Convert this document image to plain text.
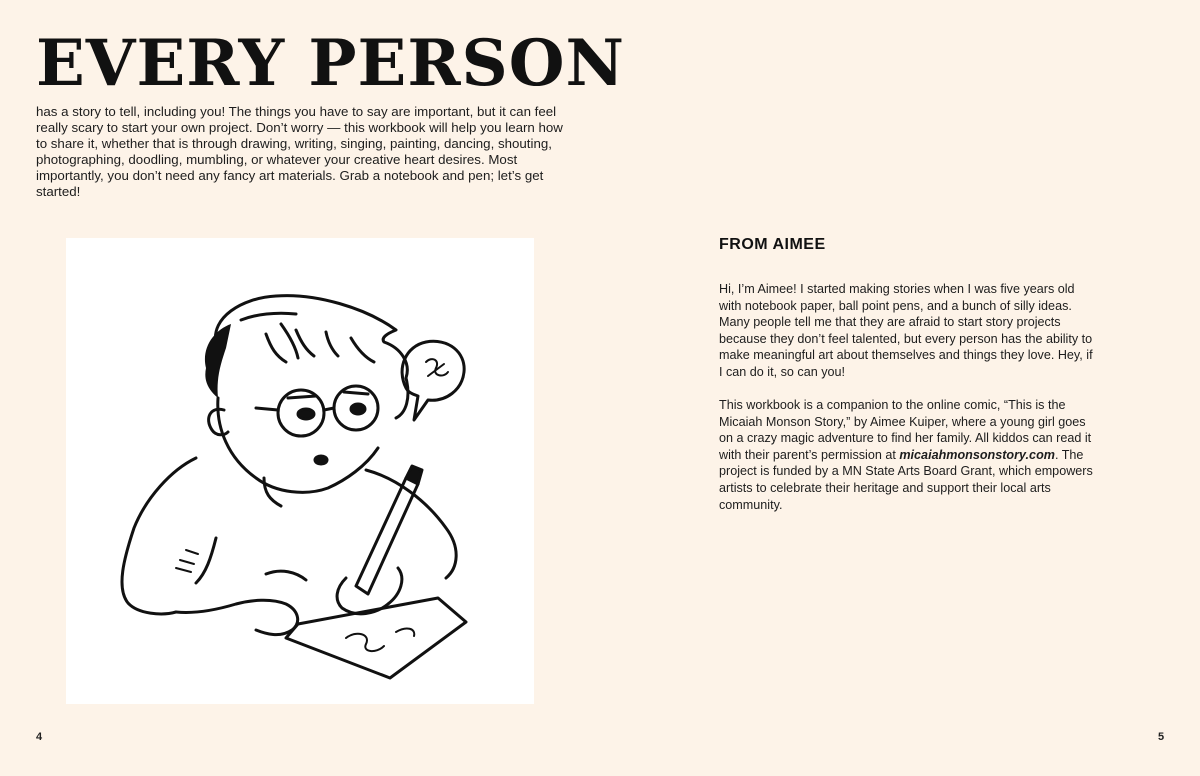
EVERY PERSON

has a story to tell, including you! The things you have to say are important, but it can feel really scary to start your own project. Don’t worry — this workbook will help you learn how to share it, whether that is through drawing, writing, singing, painting, dancing, shouting, photographing, doodling, mumbling, or whatever your creative heart desires. Most importantly, you don’t need any fancy art materials. Grab a notebook and pen; let’s get started!

FROM AIMEE

Hi, I’m Aimee! I started making stories when I was five years old with notebook paper, ball point pens, and a bunch of silly ideas. Many people tell me that they are afraid to start story projects because they don’t feel talented, but every person has the ability to make meaningful art about themselves and things they love. Hey, if I can do it, so can you!

This workbook is a companion to the online comic, “This is the Micaiah Monson Story,” by Aimee Kuiper, where a young girl goes on a crazy magic adventure to find her family. All kiddos can read it with their parent’s permission at micaiahmonsonstory.com. The project is funded by a MN State Arts Board Grant, which empowers artists to celebrate their heritage and support their local arts community.

4	5
